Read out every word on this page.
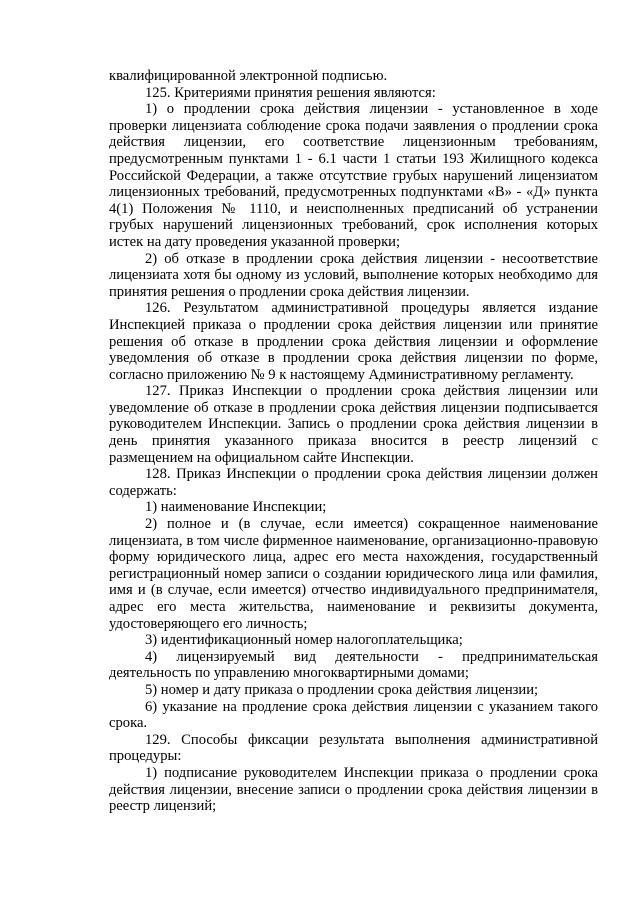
квалифицированной электронной подписью.

125. Критериями принятия решения являются:

1) о продлении срока действия лицензии - установленное в ходе проверки лицензиата соблюдение срока подачи заявления о продлении срока действия лицензии, его соответствие лицензионным требованиям, предусмотренным пунктами 1 - 6.1 части 1 статьи 193 Жилищного кодекса Российской Федерации, а также отсутствие грубых нарушений лицензиатом лицензионных требований, предусмотренных подпунктами «В» - «Д» пункта 4(1) Положения № 1110, и неисполненных предписаний об устранении грубых нарушений лицензионных требований, срок исполнения которых истек на дату проведения указанной проверки;

2) об отказе в продлении срока действия лицензии - несоответствие лицензиата хотя бы одному из условий, выполнение которых необходимо для принятия решения о продлении срока действия лицензии.

126. Результатом административной процедуры является издание Инспекцией приказа о продлении срока действия лицензии или принятие решения об отказе в продлении срока действия лицензии и оформление уведомления об отказе в продлении срока действия лицензии по форме, согласно приложению № 9 к настоящему Административному регламенту.

127. Приказ Инспекции о продлении срока действия лицензии или уведомление об отказе в продлении срока действия лицензии подписывается руководителем Инспекции. Запись о продлении срока действия лицензии в день принятия указанного приказа вносится в реестр лицензий с размещением на официальном сайте Инспекции.

128. Приказ Инспекции о продлении срока действия лицензии должен содержать:

1) наименование Инспекции;

2) полное и (в случае, если имеется) сокращенное наименование лицензиата, в том числе фирменное наименование, организационно-правовую форму юридического лица, адрес его места нахождения, государственный регистрационный номер записи о создании юридического лица или фамилия, имя и (в случае, если имеется) отчество индивидуального предпринимателя, адрес его места жительства, наименование и реквизиты документа, удостоверяющего его личность;

3) идентификационный номер налогоплательщика;

4) лицензируемый вид деятельности - предпринимательская деятельность по управлению многоквартирными домами;

5) номер и дату приказа о продлении срока действия лицензии;

6) указание на продление срока действия лицензии с указанием такого срока.

129. Способы фиксации результата выполнения административной процедуры:

1) подписание руководителем Инспекции приказа о продлении срока действия лицензии, внесение записи о продлении срока действия лицензии в реестр лицензий;
